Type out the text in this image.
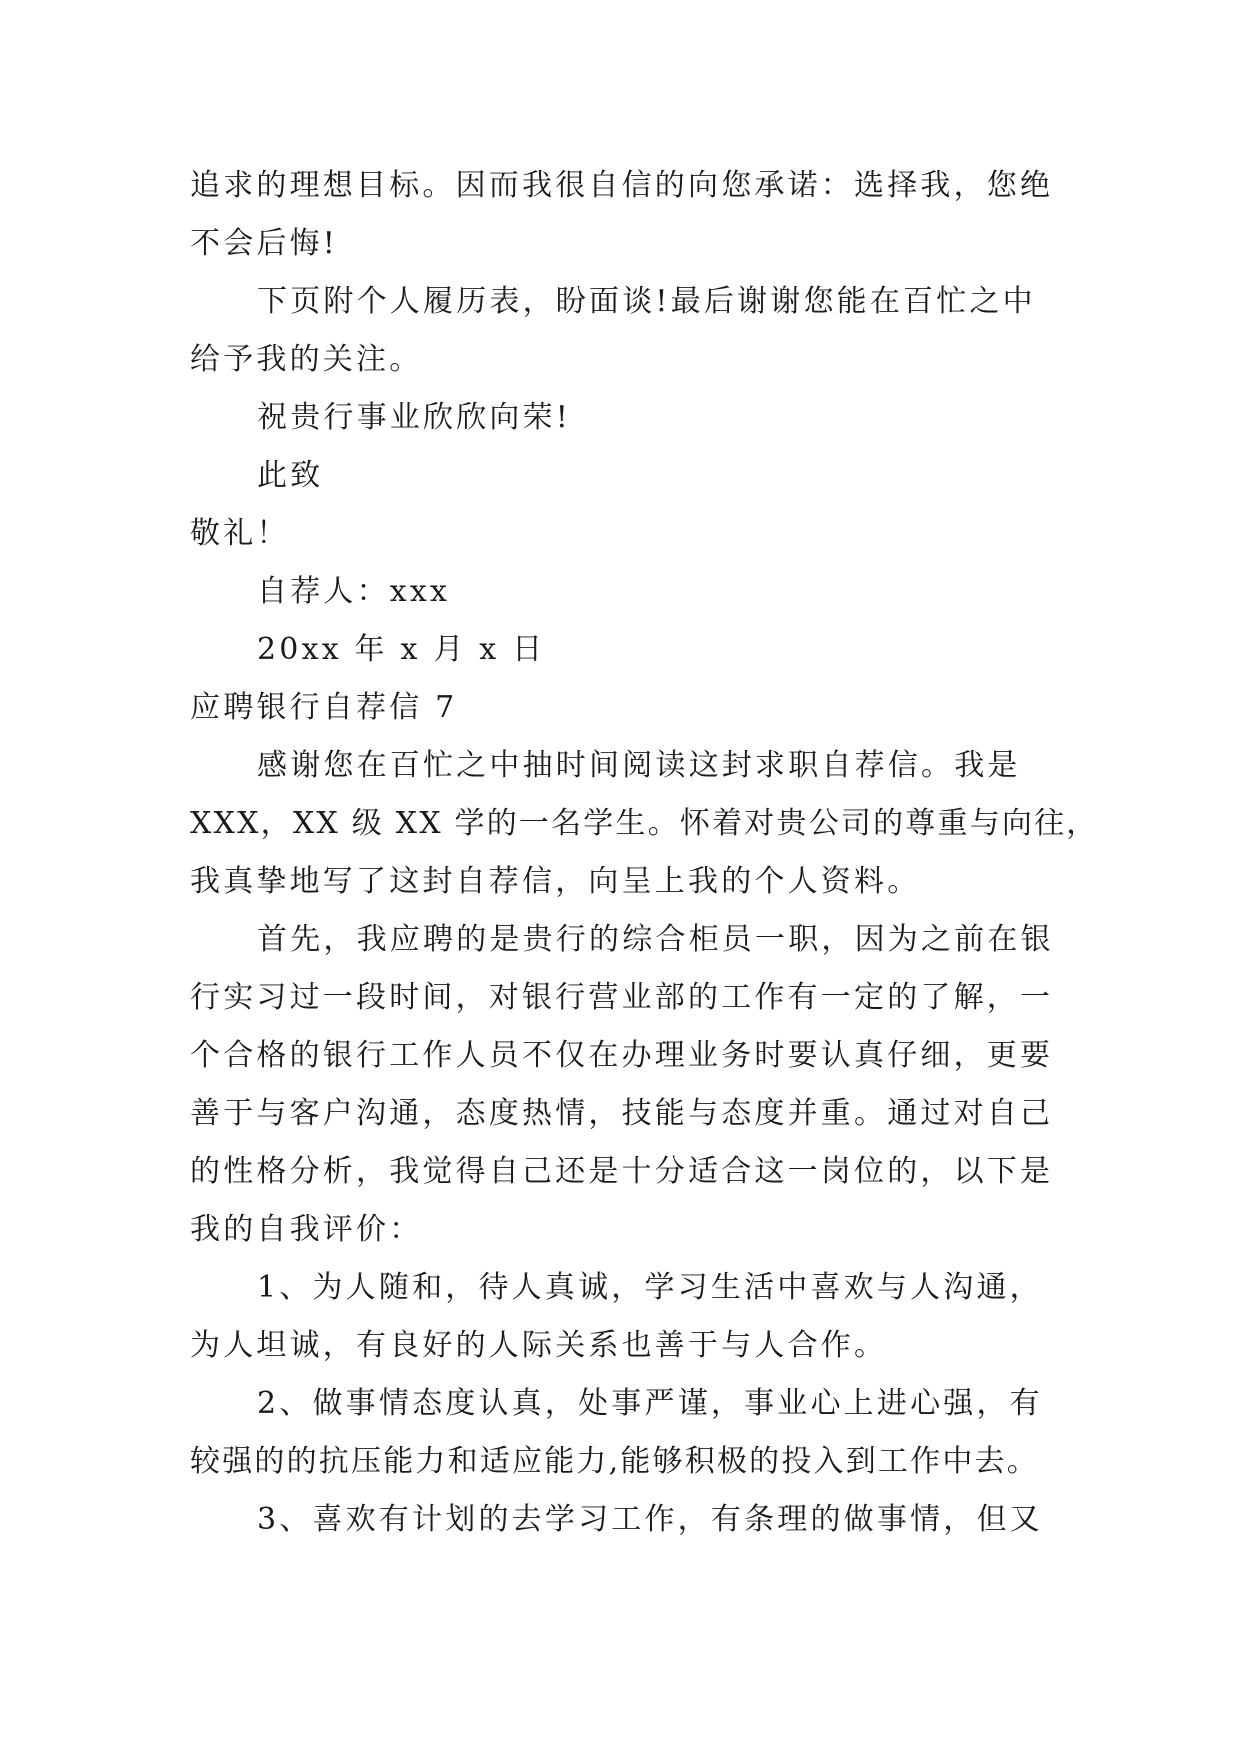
追求的理想目标。因而我很自信的向您承诺：选择我，您绝
不会后悔!
下页附个人履历表，盼面谈!最后谢谢您能在百忙之中
给予我的关注。
祝贵行事业欣欣向荣!
此致
敬礼！
自荐人：xxx
20xx 年 x 月 x 日
应聘银行自荐信 7
感谢您在百忙之中抽时间阅读这封求职自荐信。我是
XXX，XX 级 XX 学的一名学生。怀着对贵公司的尊重与向往，
我真挚地写了这封自荐信，向呈上我的个人资料。
首先，我应聘的是贵行的综合柜员一职，因为之前在银
行实习过一段时间，对银行营业部的工作有一定的了解，一
个合格的银行工作人员不仅在办理业务时要认真仔细，更要
善于与客户沟通，态度热情，技能与态度并重。通过对自己
的性格分析，我觉得自己还是十分适合这一岗位的，以下是
我的自我评价：
1、为人随和，待人真诚，学习生活中喜欢与人沟通，
为人坦诚，有良好的人际关系也善于与人合作。
2、做事情态度认真，处事严谨，事业心上进心强，有
较强的的抗压能力和适应能力,能够积极的投入到工作中去。
3、喜欢有计划的去学习工作，有条理的做事情，但又
